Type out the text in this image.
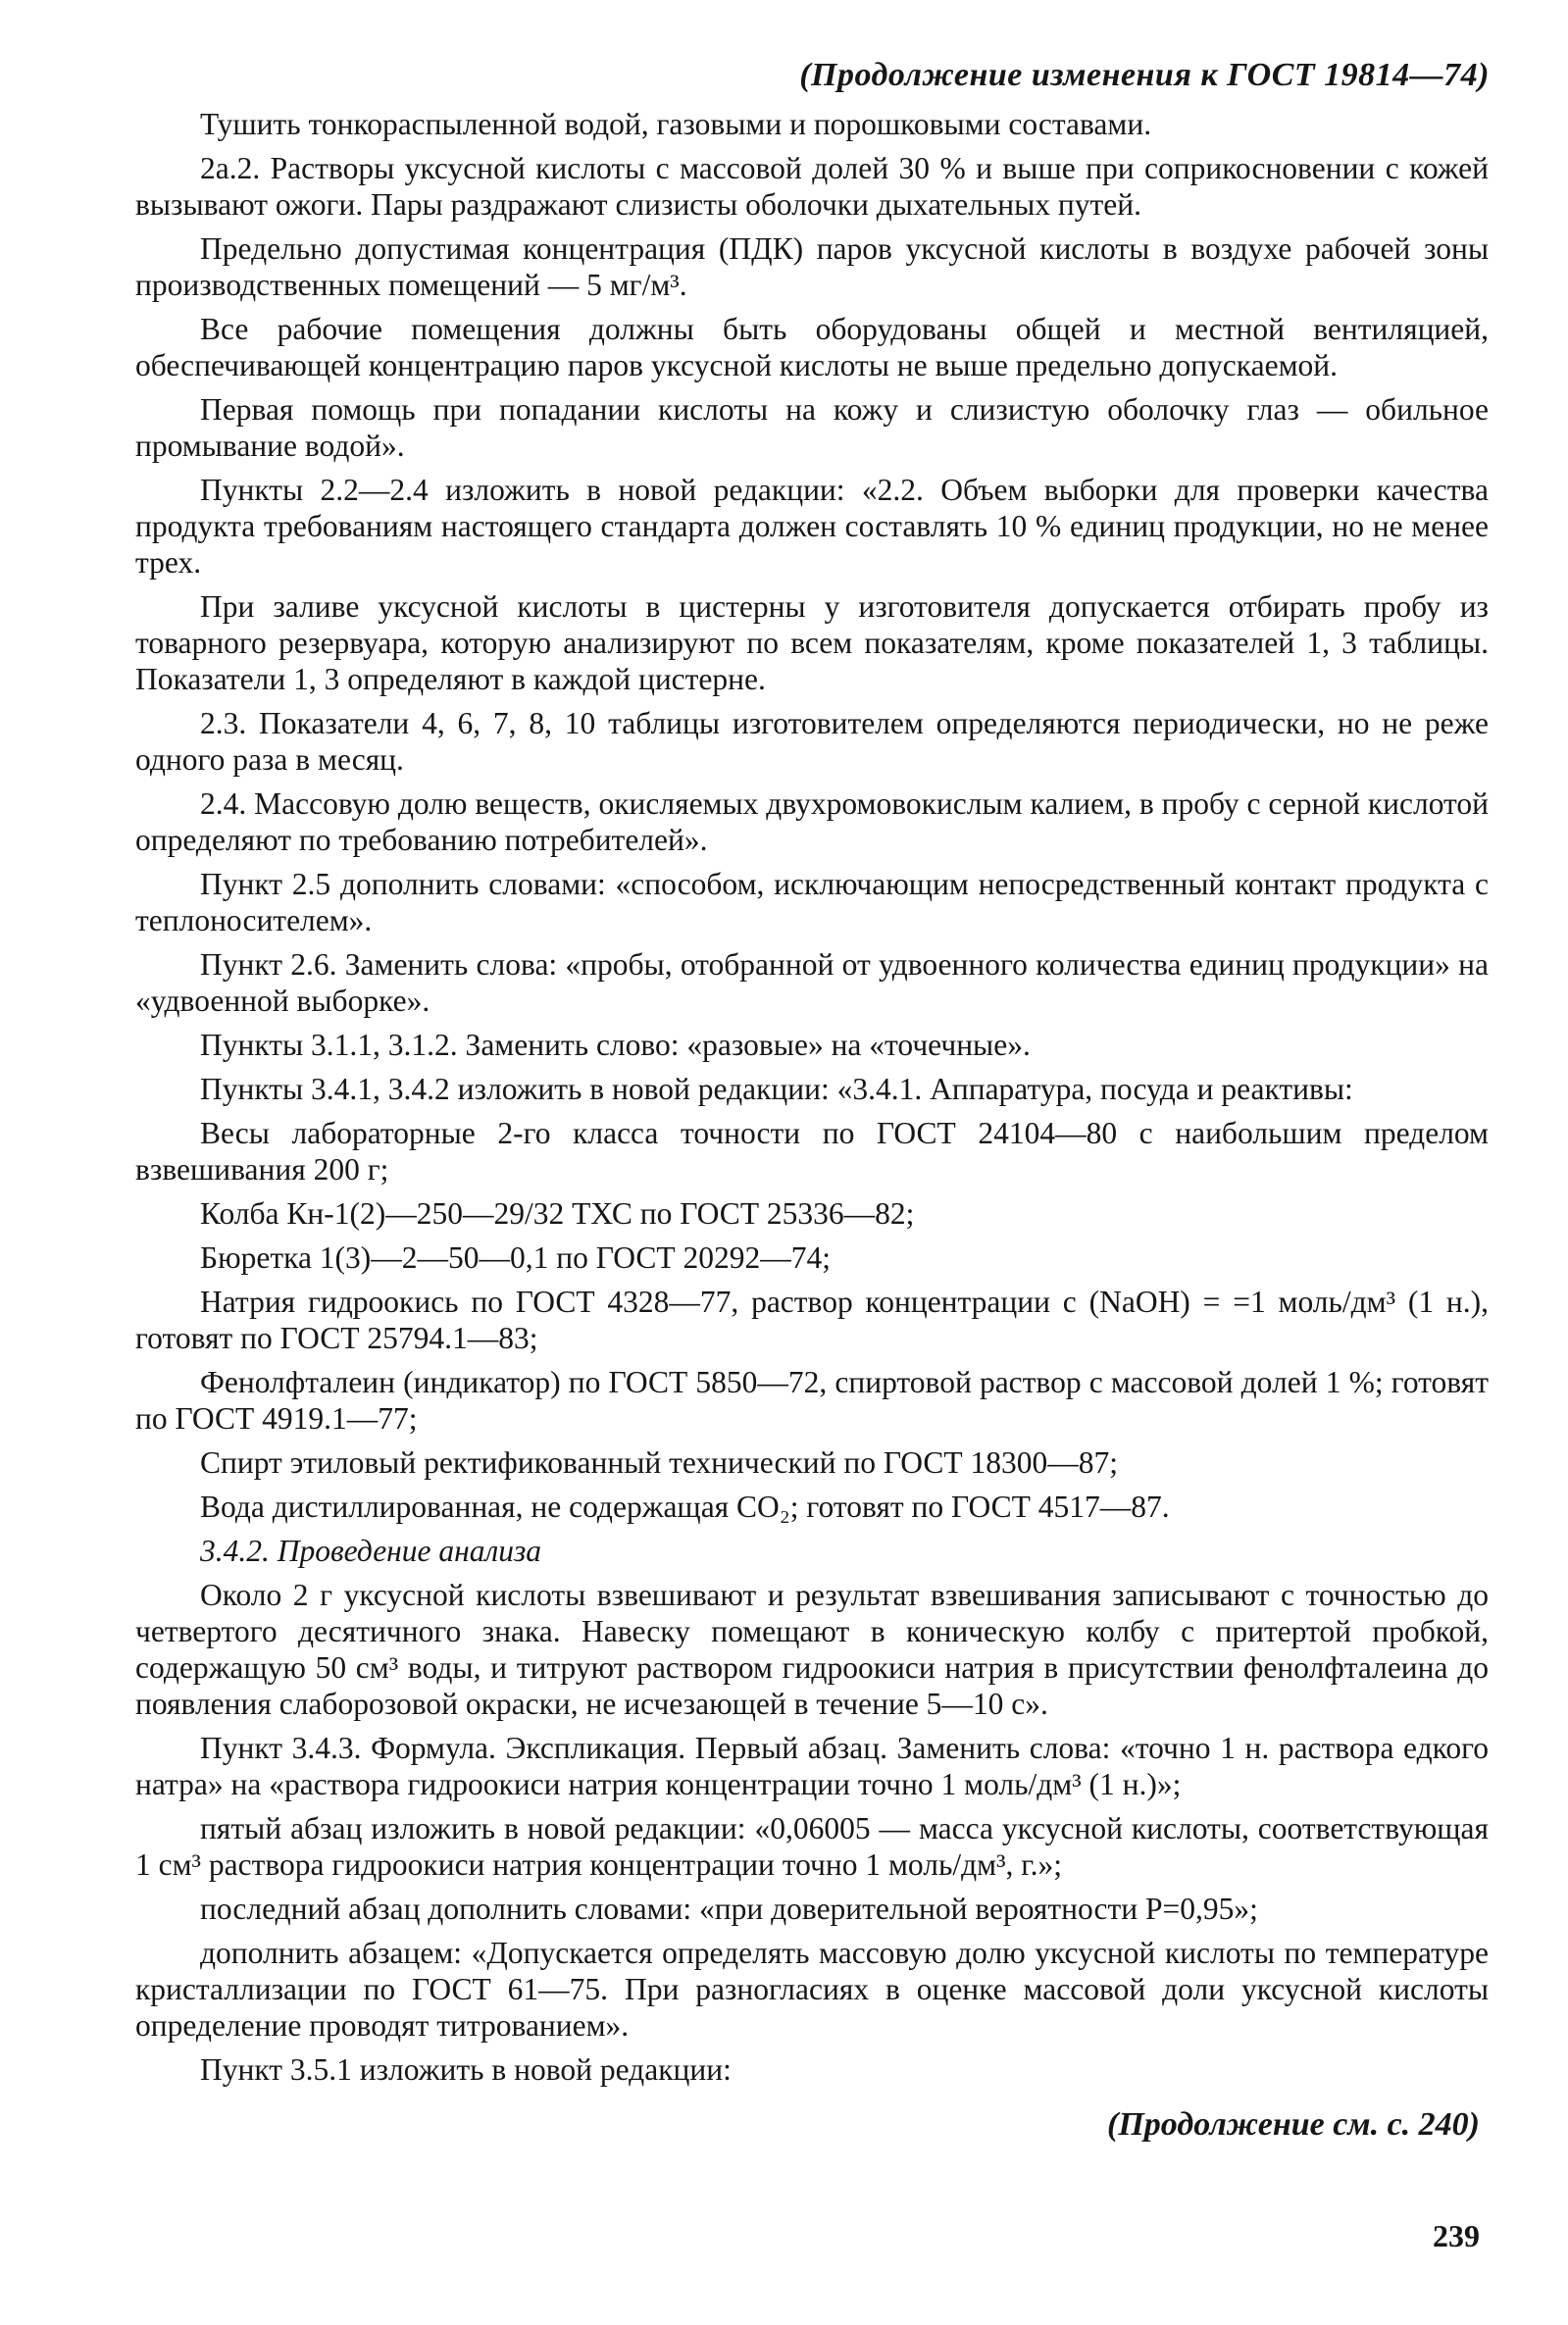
(Продолжение изменения к ГОСТ 19814—74)

Тушить тонкораспыленной водой, газовыми и порошковыми составами.

2а.2. Растворы уксусной кислоты с массовой долей 30 % и выше при соприкосновении с кожей вызывают ожоги. Пары раздражают слизисты оболочки дыхательных путей.

Предельно допустимая концентрация (ПДК) паров уксусной кислоты в воздухе рабочей зоны производственных помещений — 5 мг/м³.

Все рабочие помещения должны быть оборудованы общей и местной вентиляцией, обеспечивающей концентрацию паров уксусной кислоты не выше предельно допускаемой.

Первая помощь при попадании кислоты на кожу и слизистую оболочку глаз — обильное промывание водой».

Пункты 2.2—2.4 изложить в новой редакции: «2.2. Объем выборки для проверки качества продукта требованиям настоящего стандарта должен составлять 10 % единиц продукции, но не менее трех.

При заливе уксусной кислоты в цистерны у изготовителя допускается отбирать пробу из товарного резервуара, которую анализируют по всем показателям, кроме показателей 1, 3 таблицы. Показатели 1, 3 определяют в каждой цистерне.

2.3. Показатели 4, 6, 7, 8, 10 таблицы изготовителем определяются периодически, но не реже одного раза в месяц.

2.4. Массовую долю веществ, окисляемых двухромовокислым калием, в пробу с серной кислотой определяют по требованию потребителей».

Пункт 2.5 дополнить словами: «способом, исключающим непосредственный контакт продукта с теплоносителем».

Пункт 2.6. Заменить слова: «пробы, отобранной от удвоенного количества единиц продукции» на «удвоенной выборке».

Пункты 3.1.1, 3.1.2. Заменить слово: «разовые» на «точечные».

Пункты 3.4.1, 3.4.2 изложить в новой редакции: «3.4.1. Аппаратура, посуда и реактивы:

Весы лабораторные 2-го класса точности по ГОСТ 24104—80 с наибольшим пределом взвешивания 200 г;

Колба Кн-1(2)—250—29/32 ТХС по ГОСТ 25336—82;

Бюретка 1(3)—2—50—0,1 по ГОСТ 20292—74;

Натрия гидроокись по ГОСТ 4328—77, раствор концентрации с (NaOH) = =1 моль/дм³ (1 н.), готовят по ГОСТ 25794.1—83;

Фенолфталеин (индикатор) по ГОСТ 5850—72, спиртовой раствор с массовой долей 1 %; готовят по ГОСТ 4919.1—77;

Спирт этиловый ректификованный технический по ГОСТ 18300—87;

Вода дистиллированная, не содержащая CO₂; готовят по ГОСТ 4517—87.

3.4.2. Проведение анализа

Около 2 г уксусной кислоты взвешивают и результат взвешивания записывают с точностью до четвертого десятичного знака. Навеску помещают в коническую колбу с притертой пробкой, содержащую 50 см³ воды, и титруют раствором гидроокиси натрия в присутствии фенолфталеина до появления слаборозовой окраски, не исчезающей в течение 5—10 с».

Пункт 3.4.3. Формула. Экспликация. Первый абзац. Заменить слова: «точно 1 н. раствора едкого натра» на «раствора гидроокиси натрия концентрации точно 1 моль/дм³ (1 н.)»;

пятый абзац изложить в новой редакции: «0,06005 — масса уксусной кислоты, соответствующая 1 см³ раствора гидроокиси натрия концентрации точно 1 моль/дм³, г.»;

последний абзац дополнить словами: «при доверительной вероятности Р=0,95»;

дополнить абзацем: «Допускается определять массовую долю уксусной кислоты по температуре кристаллизации по ГОСТ 61—75. При разногласиях в оценке массовой доли уксусной кислоты определение проводят титрованием».

Пункт 3.5.1 изложить в новой редакции:

(Продолжение см. с. 240)
239
